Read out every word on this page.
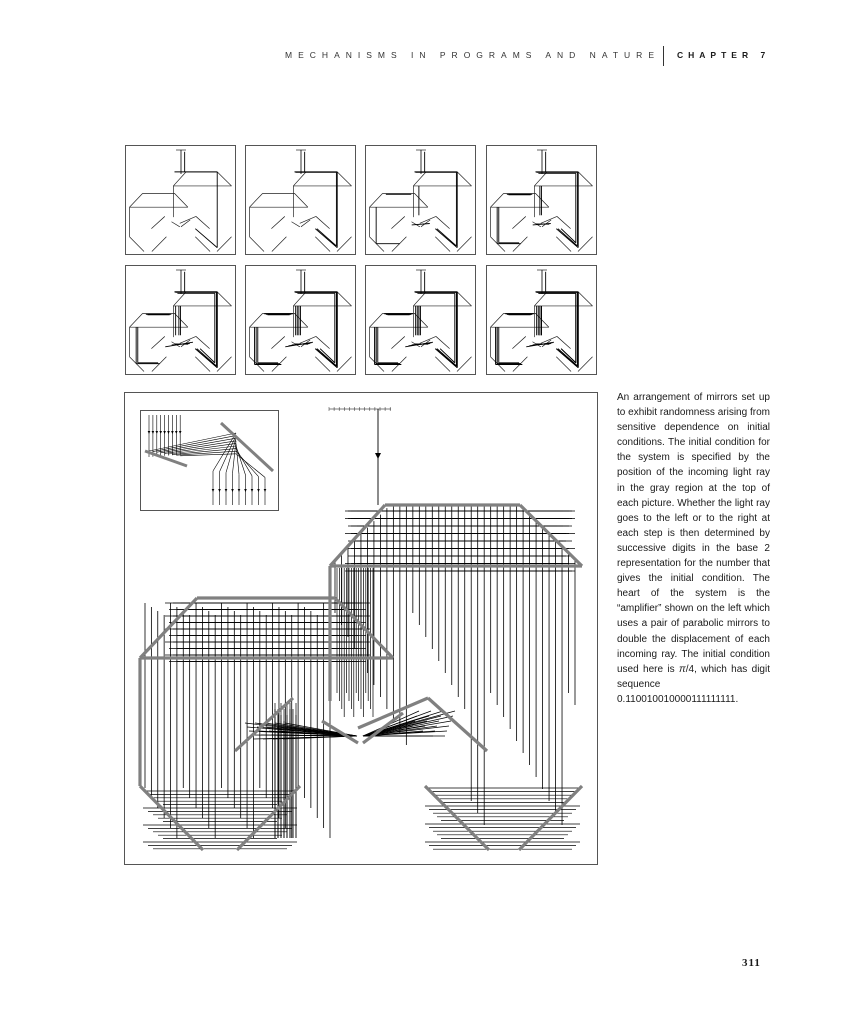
MECHANISMS IN PROGRAMS AND NATURE CHAPTER 7
An arrangement of mirrors set up to exhibit randomness arising from sensitive dependence on initial conditions. The initial condition for the system is specified by the position of the incoming light ray in the gray region at the top of each picture. Whether the light ray goes to the left or to the right at each step is then determined by successive digits in the base 2 representation for the number that gives the initial condition. The heart of the system is the “amplifier” shown on the left which uses a pair of parabolic mirrors to double the displacement of each incoming ray. The initial condition used here is π/4, which has digit sequence 0.110010010000111111111.
311
